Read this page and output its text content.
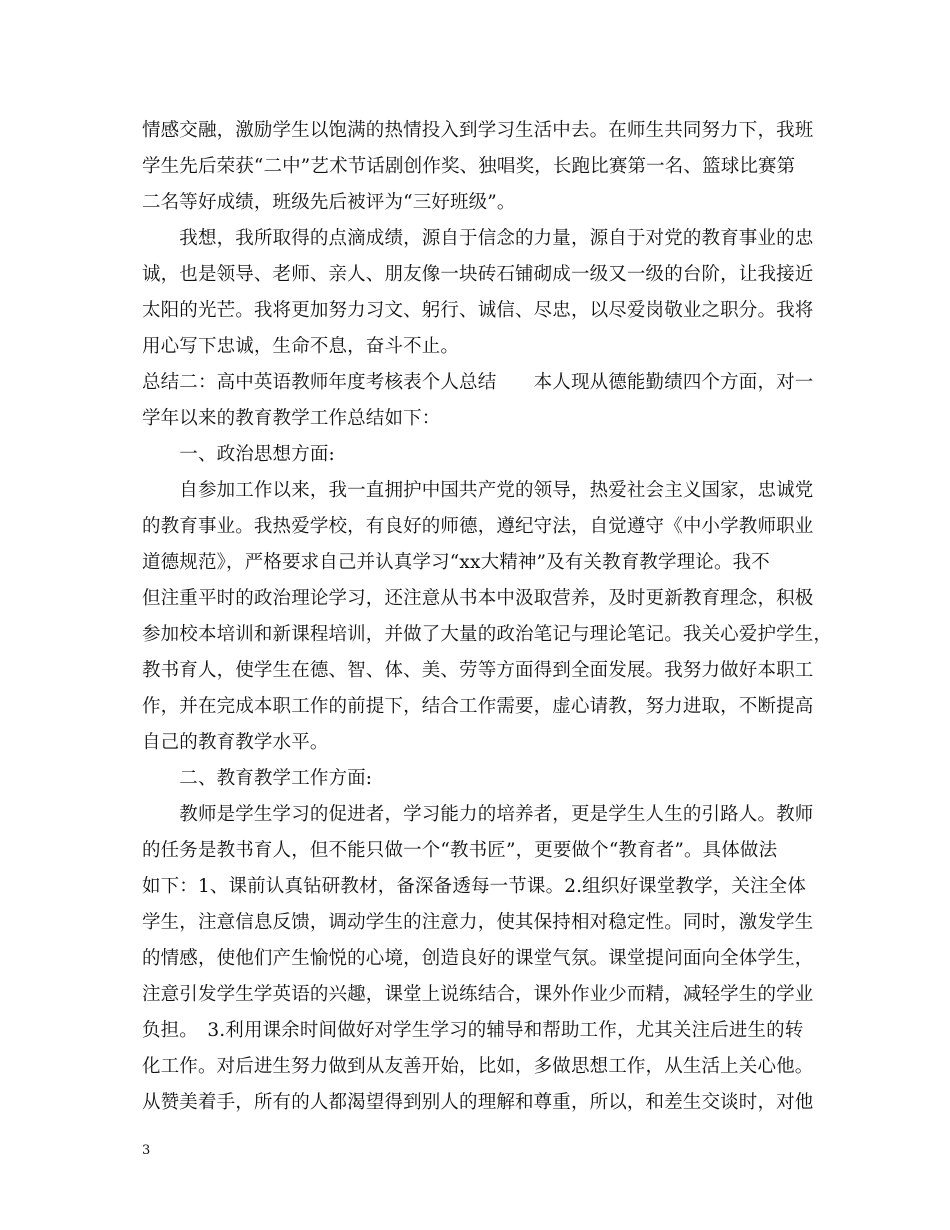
情感交融，激励学生以饱满的热情投入到学习生活中去。在师生共同努力下，我班
学生先后荣获“二中”艺术节话剧创作奖、独唱奖，长跑比赛第一名、篮球比赛第
二名等好成绩，班级先后被评为“三好班级”。
　　我想，我所取得的点滴成绩，源自于信念的力量，源自于对党的教育事业的忠
诚，也是领导、老师、亲人、朋友像一块砖石铺砌成一级又一级的台阶，让我接近
太阳的光芒。我将更加努力习文、躬行、诚信、尽忠，以尽爱岗敬业之职分。我将
用心写下忠诚，生命不息，奋斗不止。
总结二：高中英语教师年度考核表个人总结　　本人现从德能勤绩四个方面，对一
学年以来的教育教学工作总结如下：
　　一、政治思想方面:
　　自参加工作以来，我一直拥护中国共产党的领导，热爱社会主义国家，忠诚党
的教育事业。我热爱学校，有良好的师德，遵纪守法，自觉遵守《中小学教师职业
道德规范》，严格要求自己并认真学习“xx大精神”及有关教育教学理论。我不
但注重平时的政治理论学习，还注意从书本中汲取营养，及时更新教育理念，积极
参加校本培训和新课程培训，并做了大量的政治笔记与理论笔记。我关心爱护学生，
教书育人，使学生在德、智、体、美、劳等方面得到全面发展。我努力做好本职工
作，并在完成本职工作的前提下，结合工作需要，虚心请教，努力进取，不断提高
自己的教育教学水平。
　　二、教育教学工作方面:
　　教师是学生学习的促进者，学习能力的培养者，更是学生人生的引路人。教师
的任务是教书育人，但不能只做一个“教书匠”，更要做个“教育者”。具体做法
如下：1、课前认真钻研教材，备深备透每一节课。2.组织好课堂教学，关注全体
学生，注意信息反馈，调动学生的注意力，使其保持相对稳定性。同时，激发学生
的情感，使他们产生愉悦的心境，创造良好的课堂气氛。课堂提问面向全体学生，
注意引发学生学英语的兴趣，课堂上说练结合，课外作业少而精，减轻学生的学业
负担。　3.利用课余时间做好对学生学习的辅导和帮助工作，尤其关注后进生的转
化工作。对后进生努力做到从友善开始，比如，多做思想工作，从生活上关心他。
从赞美着手，所有的人都渴望得到别人的理解和尊重，所以，和差生交谈时，对他
3
